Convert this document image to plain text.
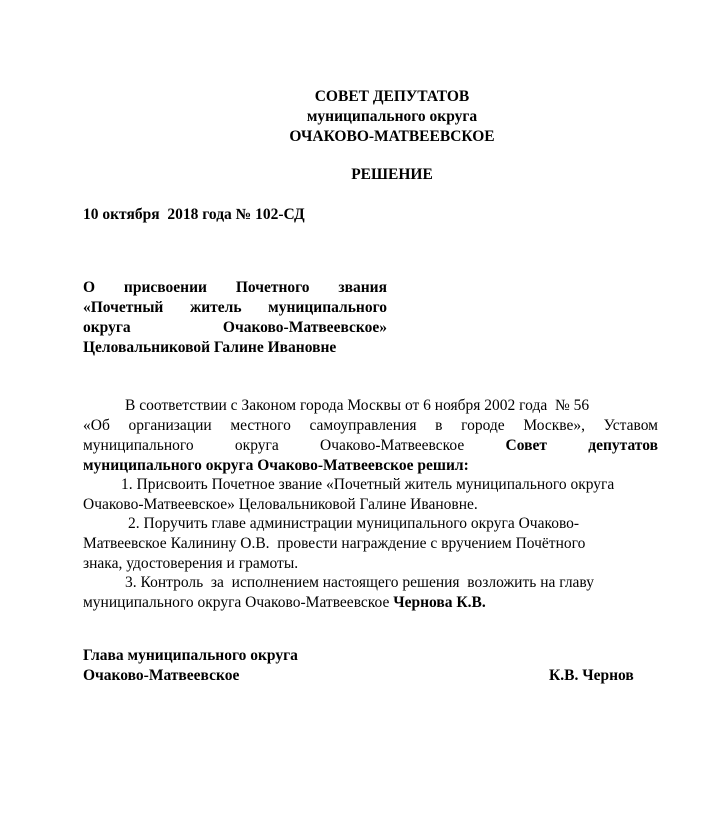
СОВЕТ ДЕПУТАТОВ
муниципального округа
ОЧАКОВО-МАТВЕЕВСКОЕ
РЕШЕНИЕ
10 октября  2018 года № 102-СД
О присвоении Почетного звания
«Почетный житель муниципального
округа	Очаково-Матвеевское»
Целовальниковой Галине Ивановне
В соответствии с Законом города Москвы от 6 ноября 2002 года  № 56
«Об организации местного самоуправления в городе Москве», Уставом
муниципального	округа	Очаково-Матвеевское	Совет	депутатов
муниципального округа Очаково-Матвеевское решил:
1. Присвоить Почетное звание «Почетный житель муниципального округа
Очаково-Матвеевское» Целовальниковой Галине Ивановне.
2. Поручить главе администрации муниципального округа Очаково-
Матвеевское Калинину О.В.  провести награждение с вручением Почётного
знака, удостоверения и грамоты.
3. Контроль  за  исполнением настоящего решения  возложить на главу
муниципального округа Очаково-Матвеевское Чернова К.В.
Глава муниципального округа
Очаково-Матвеевское	К.В. Чернов
